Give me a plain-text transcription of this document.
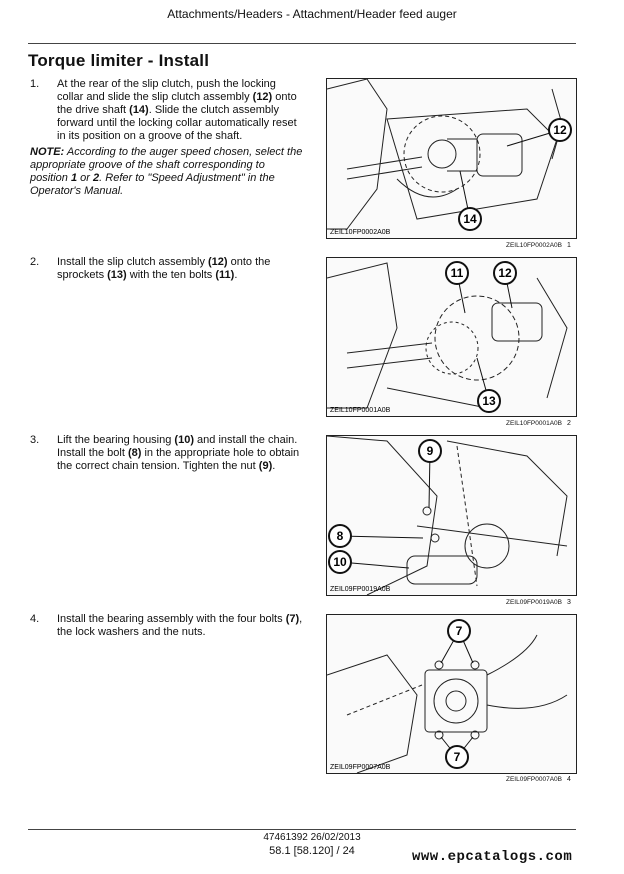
Attachments/Headers - Attachment/Header feed auger
Torque limiter - Install
1. At the rear of the slip clutch, push the locking collar and slide the slip clutch assembly (12) onto the drive shaft (14). Slide the clutch assembly forward until the locking collar automatically reset in its position on a groove of the shaft.
NOTE: According to the auger speed chosen, select the appropriate groove of the shaft corresponding to position 1 or 2. Refer to "Speed Adjustment" in the Operator's Manual.
2. Install the slip clutch assembly (12) onto the sprockets (13) with the ten bolts (11).
3. Lift the bearing housing (10) and install the chain. Install the bolt (8) in the appropriate hole to obtain the correct chain tension. Tighten the nut (9).
4. Install the bearing assembly with the four bolts (7), the lock washers and the nuts.
12
14
ZEIL10FP0002A0B
ZEIL10FP0002A0B 1
11	12
13
ZEIL10FP0001A0B
ZEIL10FP0001A0B 2
9
8
10
ZEIL09FP0019A0B
ZEIL09FP0019A0B 3
7
7
ZEIL09FP0007A0B
ZEIL09FP0007A0B 4
47461392 26/02/2013
58.1 [58.120] / 24	www.epcatalogs.com
